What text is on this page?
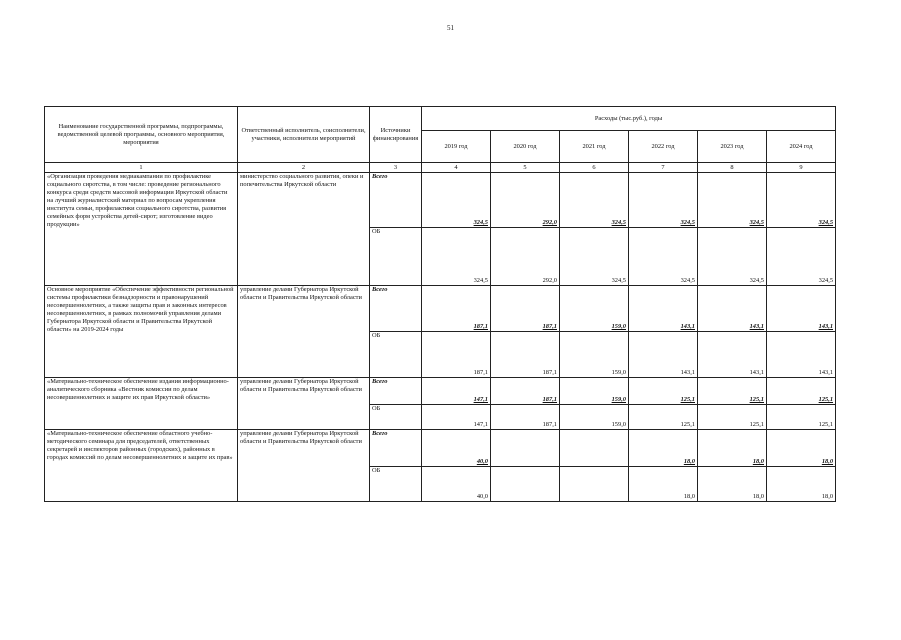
51
Наименование государственной программы, подпрограммы, ведомственной целевой программы, основного мероприятия, мероприятия	Ответственный исполнитель, соисполнители, участники, исполнители мероприятий	Источники финансирования	Расходы (тыс.руб.), годы					
			2019 год	2020 год	2021 год	2022 год	2023 год	2024 год
1	2	3	4	5	6	7	8	9
«Организация проведения медиакампании по профилактике социального сиротства, в том числе: проведение регионального конкурса среди средств массовой информации Иркутской области на лучший журналистский материал по вопросам укрепления института семьи, профилактики социального сиротства, развития семейных форм устройства детей-сирот; изготовление видео продукции»	министерство социального развития, опеки и попечительства Иркутской области	Всего	324,5	292,0	324,5	324,5	324,5	324,5
		ОБ	324,5	292,0	324,5	324,5	324,5	324,5
Основное мероприятие «Обеспечение эффективности региональной системы профилактики безнадзорности и правонарушений несовершеннолетних, а также защиты прав и законных интересов несовершеннолетних, в рамках полномочий управления делами Губернатора Иркутской области и Правительства Иркутской области» на 2019-2024 годы	управление делами Губернатора Иркутской области и Правительства Иркутской области	Всего	187,1	187,1	159,0	143,1	143,1	143,1
		ОБ	187,1	187,1	159,0	143,1	143,1	143,1
«Материально-техническое обеспечение издания информационно-аналитического сборника «Вестник комиссии по делам несовершеннолетних и защите их прав Иркутской области»	управление делами Губернатора Иркутской области и Правительства Иркутской области	Всего	147,1	187,1	159,0	125,1	125,1	125,1
		ОБ	147,1	187,1	159,0	125,1	125,1	125,1
«Материально-техническое обеспечение областного учебно-методического семинара для председателей, ответственных секретарей и инспекторов районных (городских), районных в городах комиссий по делам несовершеннолетних и защите их прав»	управление делами Губернатора Иркутской области и Правительства Иркутской области	Всего	40,0			18,0	18,0	18,0
		ОБ	40,0			18,0	18,0	18,0
